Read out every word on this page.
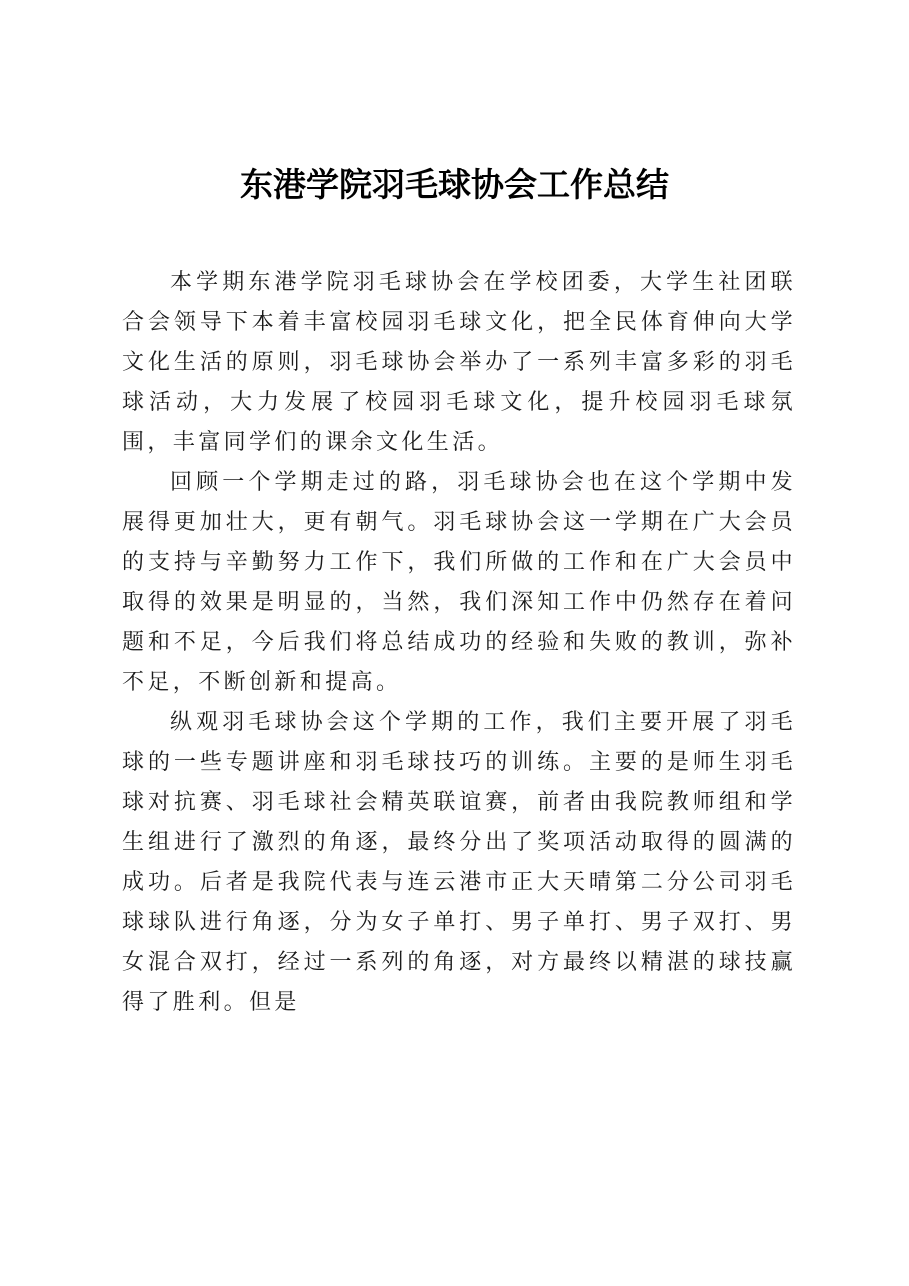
东港学院羽毛球协会工作总结

本学期东港学院羽毛球协会在学校团委，大学生社团联合会领导下本着丰富校园羽毛球文化，把全民体育伸向大学文化生活的原则，羽毛球协会举办了一系列丰富多彩的羽毛球活动，大力发展了校园羽毛球文化，提升校园羽毛球氛围，丰富同学们的课余文化生活。

回顾一个学期走过的路，羽毛球协会也在这个学期中发展得更加壮大，更有朝气。羽毛球协会这一学期在广大会员的支持与辛勤努力工作下，我们所做的工作和在广大会员中取得的效果是明显的，当然，我们深知工作中仍然存在着问题和不足，今后我们将总结成功的经验和失败的教训，弥补不足，不断创新和提高。

纵观羽毛球协会这个学期的工作，我们主要开展了羽毛球的一些专题讲座和羽毛球技巧的训练。主要的是师生羽毛球对抗赛、羽毛球社会精英联谊赛，前者由我院教师组和学生组进行了激烈的角逐，最终分出了奖项活动取得的圆满的成功。后者是我院代表与连云港市正大天晴第二分公司羽毛球球队进行角逐，分为女子单打、男子单打、男子双打、男女混合双打，经过一系列的角逐，对方最终以精湛的球技赢得了胜利。但是
